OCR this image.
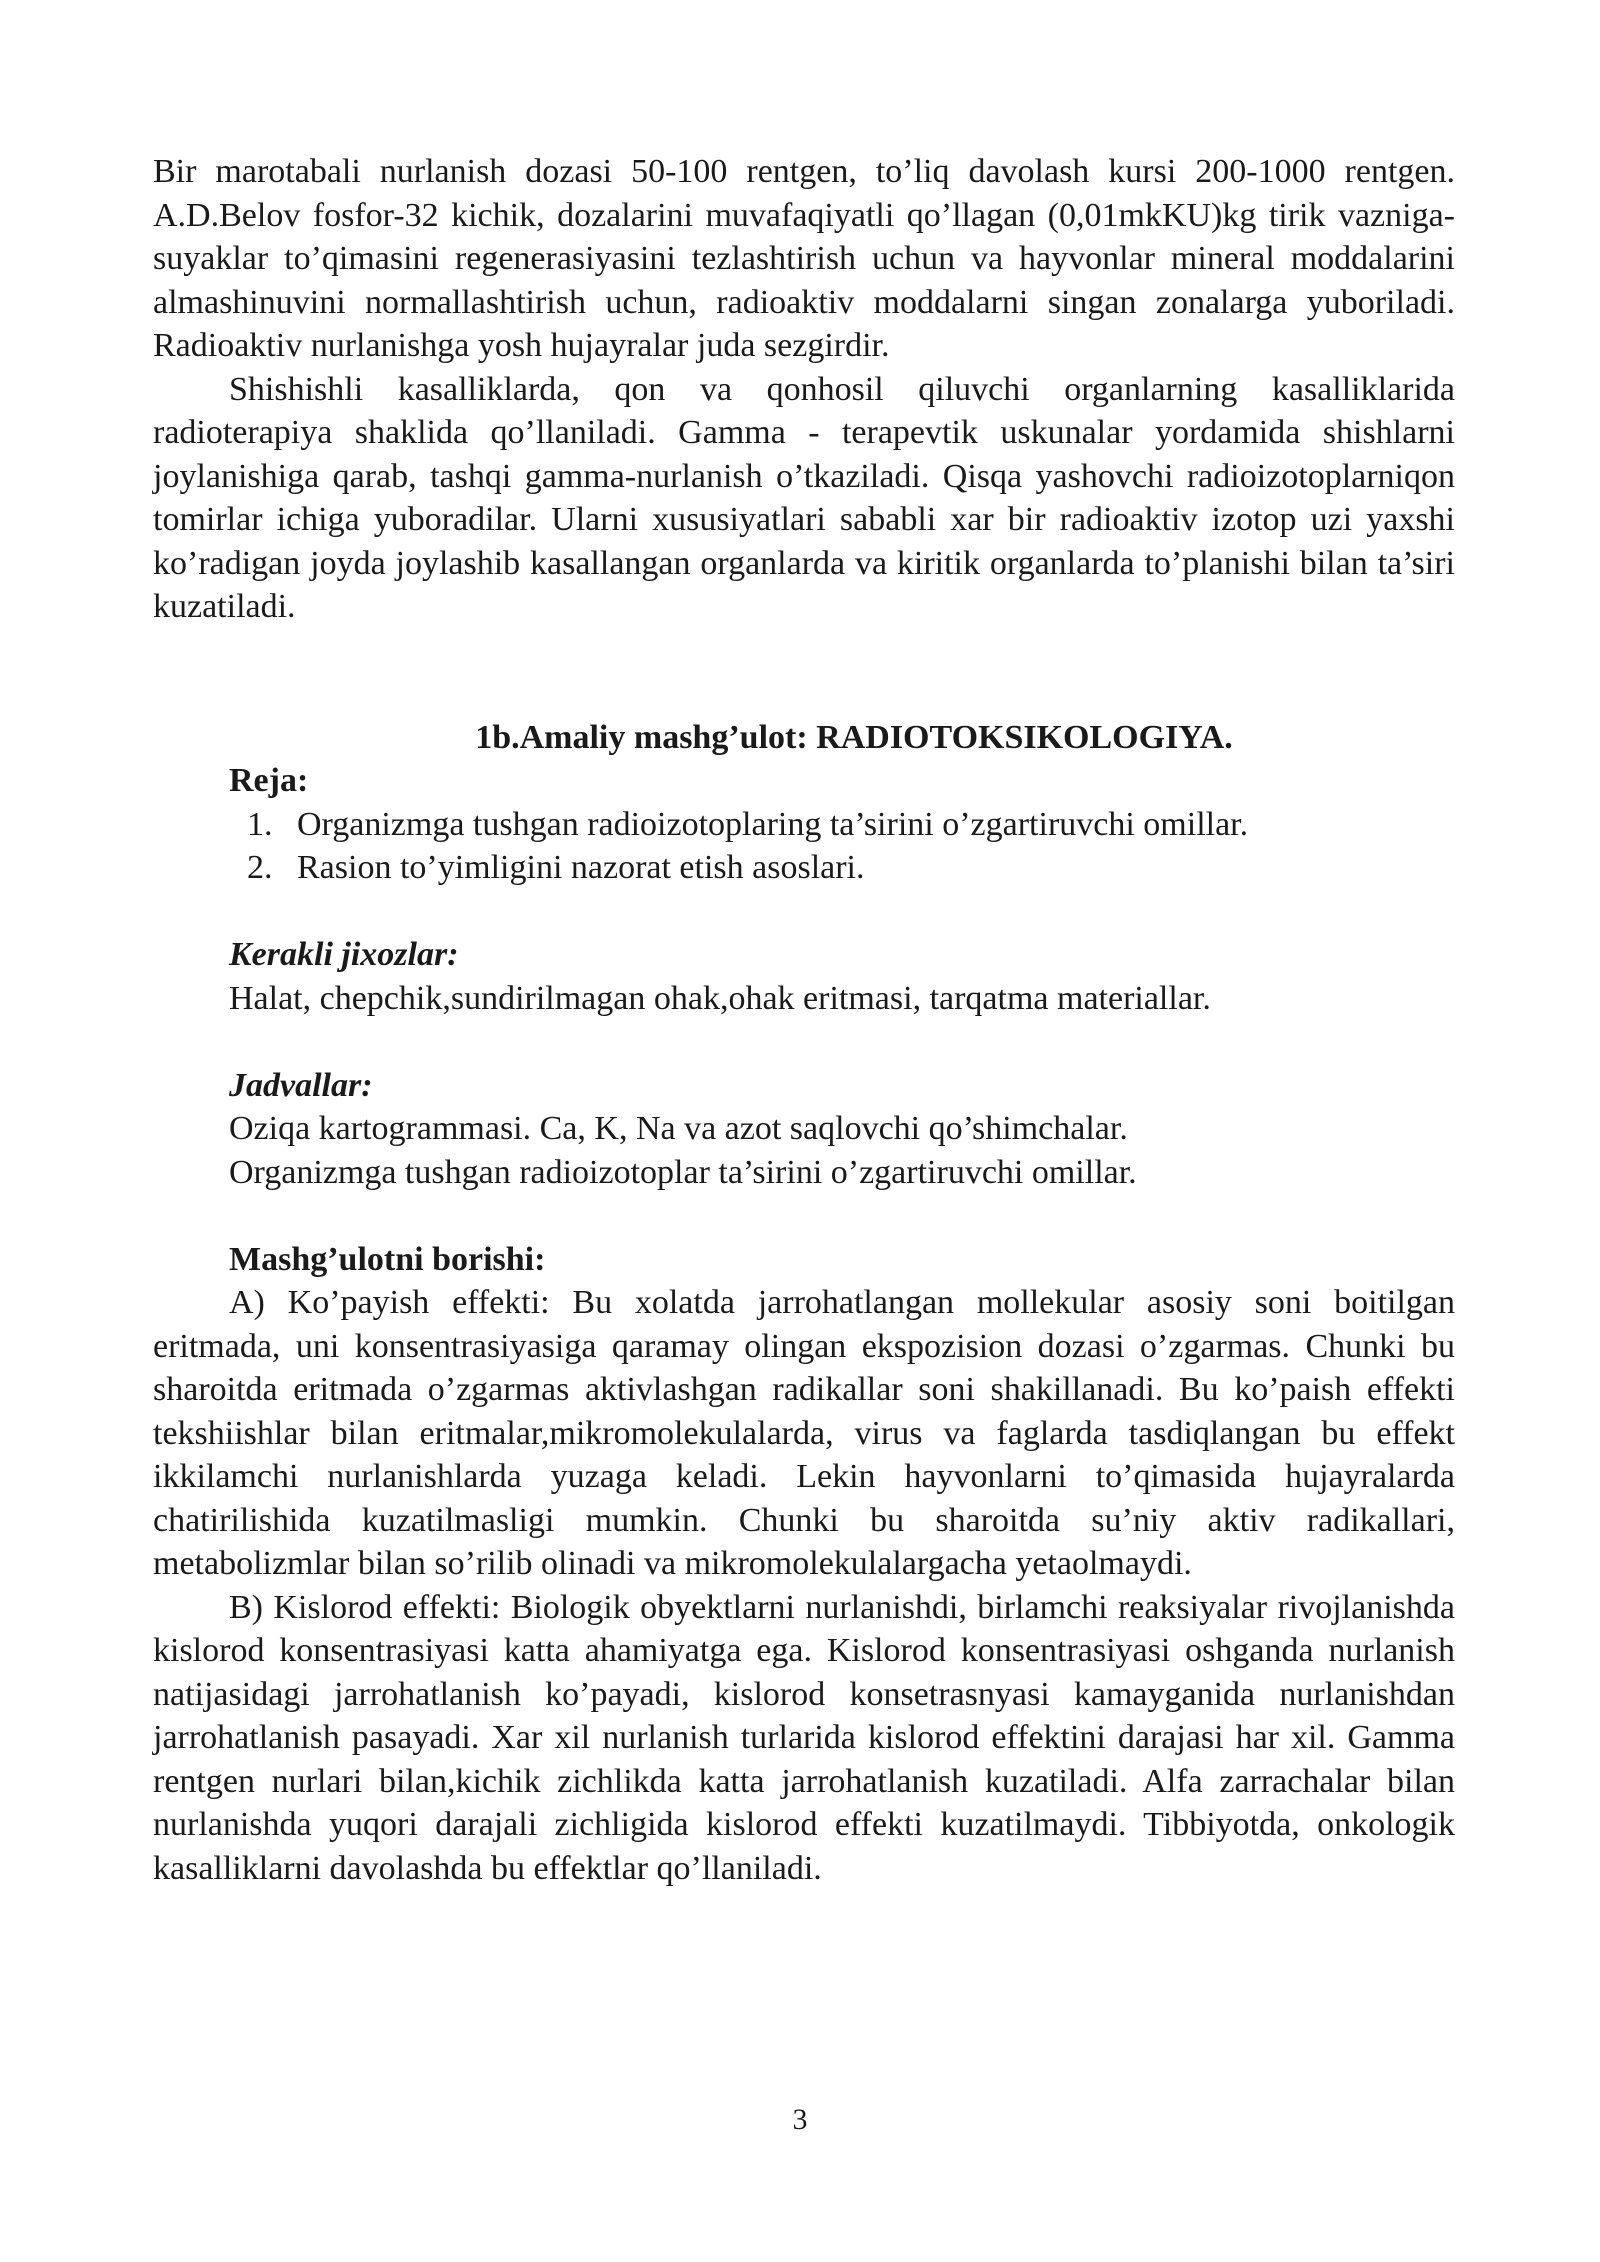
Bir marotabali nurlanish dozasi 50-100 rentgen, to’liq davolash kursi 200-1000 rentgen. A.D.Belov fosfor-32 kichik, dozalarini muvafaqiyatli qo’llagan (0,01mkKU)kg tirik vazniga- suyaklar to’qimasini regenerasiyasini tezlashtirish uchun va hayvonlar mineral moddalarini almashinuvini normallashtirish uchun, radioaktiv moddalarni singan zonalarga yuboriladi. Radioaktiv nurlanishga yosh hujayralar juda sezgirdir.

Shishishli kasalliklarda, qon va qonhosil qiluvchi organlarning kasalliklarida radioterapiya shaklida qo’llaniladi. Gamma - terapevtik uskunalar yordamida shishlarni joylanishiga qarab, tashqi gamma-nurlanish o’tkaziladi. Qisqa yashovchi radioizotoplarniqon tomirlar ichiga yuboradilar. Ularni xususiyatlari sababli xar bir radioaktiv izotop uzi yaxshi ko’radigan joyda joylashib kasallangan organlarda va kiritik organlarda to’planishi bilan ta’siri kuzatiladi.

1b.Amaliy mashg’ulot: RADIOTOKSIKOLOGIYA.

Reja:

1. Organizmga tushgan radioizotoplaring ta’sirini o’zgartiruvchi omillar.
2. Rasion to’yimligini nazorat etish asoslari.

Kerakli jixozlar:

Halat, chepchik,sundirilmagan ohak,ohak eritmasi, tarqatma materiallar.

Jadvallar:

Oziqa kartogrammasi. Ca, K, Na va azot saqlovchi qo’shimchalar.

Organizmga tushgan radioizotoplar ta’sirini o’zgartiruvchi omillar.

Mashg’ulotni borishi:

A) Ko’payish effekti: Bu xolatda jarrohatlangan mollekular asosiy soni boitilgan eritmada, uni konsentrasiyasiga qaramay olingan ekspozision dozasi o’zgarmas. Chunki bu sharoitda eritmada o’zgarmas aktivlashgan radikallar soni shakillanadi. Bu ko’paish effekti tekshiishlar bilan eritmalar,mikromolekulalarda, virus va faglarda tasdiqlangan bu effekt ikkilamchi nurlanishlarda yuzaga keladi. Lekin hayvonlarni to’qimasida hujayralarda chatirilishida kuzatilmasligi mumkin. Chunki bu sharoitda su’niy aktiv radikallari, metabolizmlar bilan so’rilib olinadi va mikromolekulalargacha yetaolmaydi.

B) Kislorod effekti: Biologik obyektlarni nurlanishdi, birlamchi reaksiyalar rivojlanishda kislorod konsentrasiyasi katta ahamiyatga ega. Kislorod konsentrasiyasi oshganda nurlanish natijasidagi jarrohatlanish ko’payadi, kislorod konsetrasnyasi kamayganida nurlanishdan jarrohatlanish pasayadi. Xar xil nurlanish turlarida kislorod effektini darajasi har xil. Gamma rentgen nurlari bilan,kichik zichlikda katta jarrohatlanish kuzatiladi. Alfa zarrachalar bilan nurlanishda yuqori darajali zichligida kislorod effekti kuzatilmaydi. Tibbiyotda, onkologik kasalliklarni davolashda bu effektlar qo’llaniladi.

3
